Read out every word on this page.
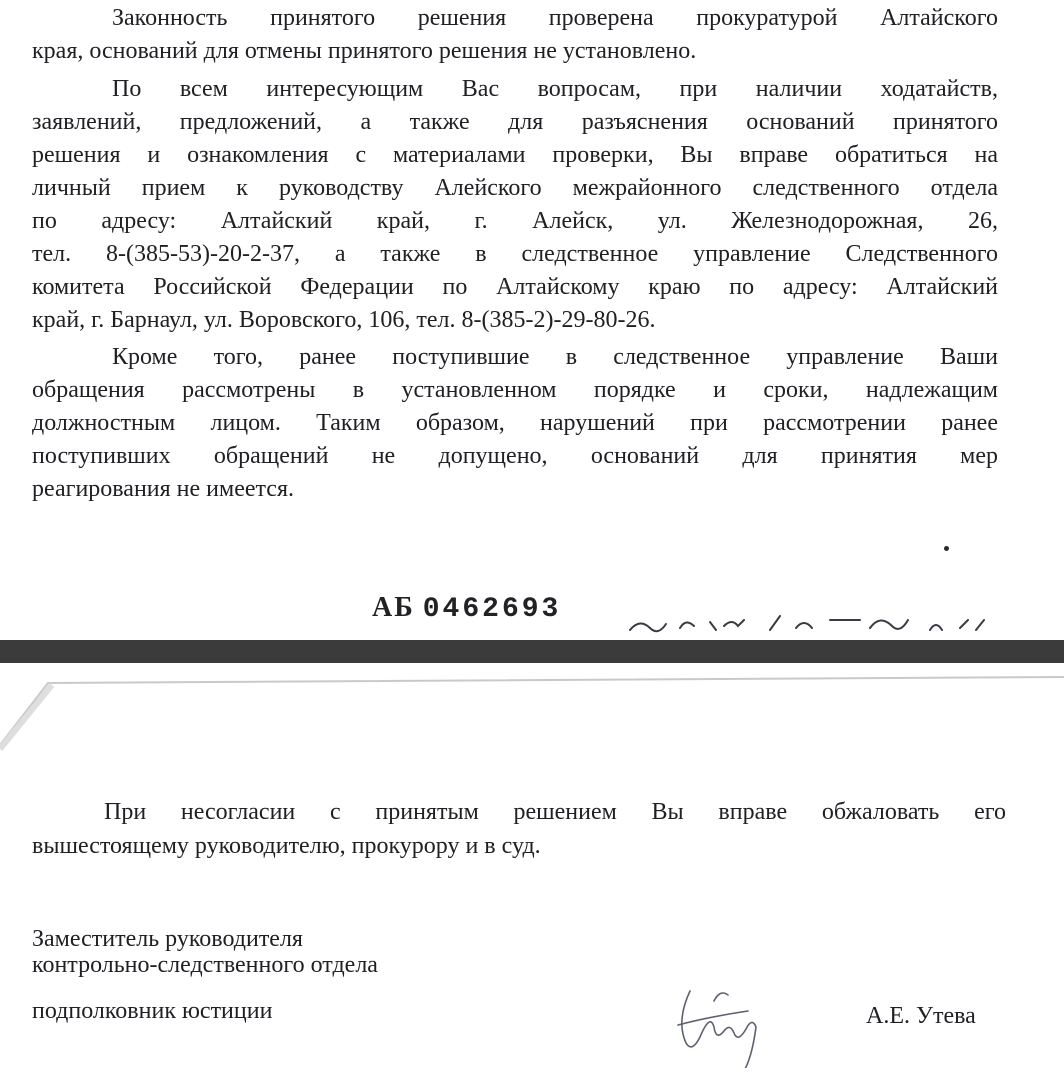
Законность принятого решения проверена прокуратурой Алтайского
края, оснований для отмены принятого решения не установлено.
По всем интересующим Вас вопросам, при наличии ходатайств,
заявлений, предложений, а также для разъяснения оснований принятого
решения и ознакомления с материалами проверки, Вы вправе обратиться на
личный прием к руководству Алейского межрайонного следственного отдела
по адресу: Алтайский край, г. Алейск, ул. Железнодорожная, 26,
тел. 8-(385-53)-20-2-37, а также в следственное управление Следственного
комитета Российской Федерации по Алтайскому краю по адресу: Алтайский
край, г. Барнаул, ул. Воровского, 106, тел. 8-(385-2)-29-80-26.
Кроме того, ранее поступившие в следственное управление Ваши
обращения рассмотрены в установленном порядке и сроки, надлежащим
должностным лицом. Таким образом, нарушений при рассмотрении ранее
поступивших обращений не допущено, оснований для принятия мер
реагирования не имеется.
АБ 0462693
При несогласии с принятым решением Вы вправе обжаловать его
вышестоящему руководителю, прокурору и в суд.
Заместитель руководителя
контрольно-следственного отдела
подполковник юстиции	А.Е. Утева
